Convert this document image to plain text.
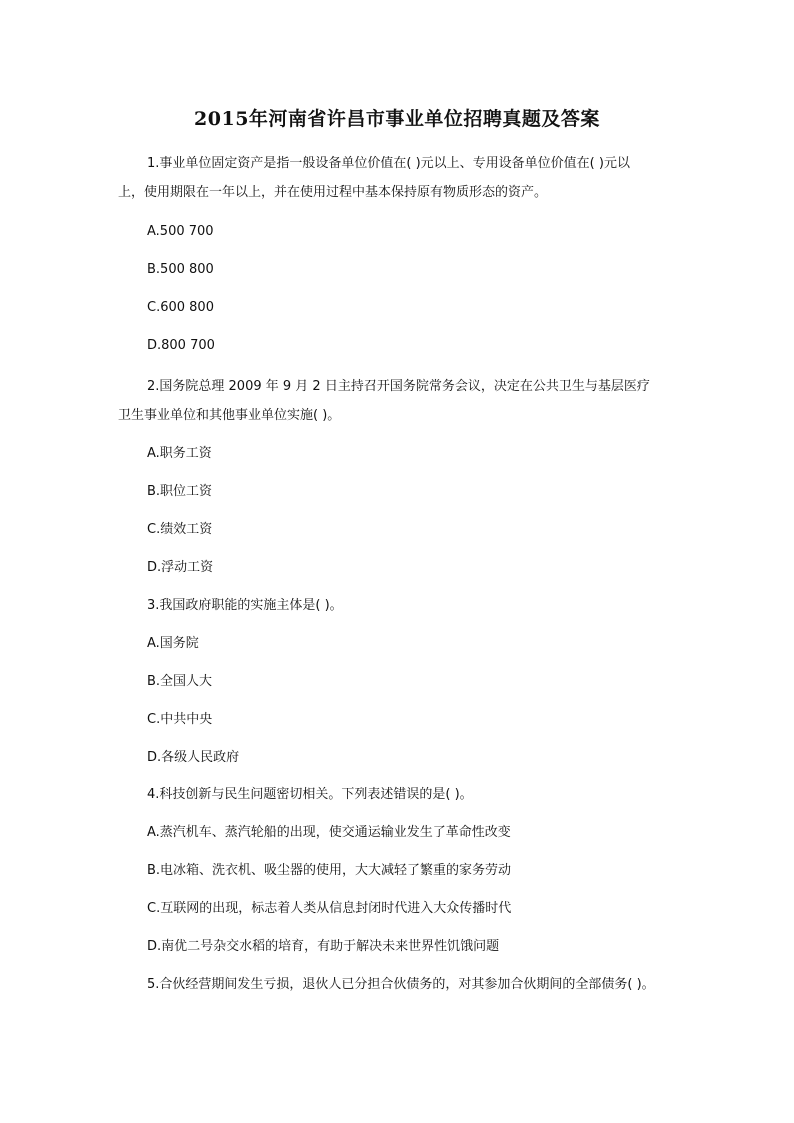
2015年河南省许昌市事业单位招聘真题及答案
1.事业单位固定资产是指一般设备单位价值在( )元以上、专用设备单位价值在( )元以
上，使用期限在一年以上，并在使用过程中基本保持原有物质形态的资产。
A.500 700
B.500 800
C.600 800
D.800 700
2.国务院总理 2009 年 9 月 2 日主持召开国务院常务会议，决定在公共卫生与基层医疗
卫生事业单位和其他事业单位实施( )。
A.职务工资
B.职位工资
C.绩效工资
D.浮动工资
3.我国政府职能的实施主体是( )。
A.国务院
B.全国人大
C.中共中央
D.各级人民政府
4.科技创新与民生问题密切相关。下列表述错误的是( )。
A.蒸汽机车、蒸汽轮船的出现，使交通运输业发生了革命性改变
B.电冰箱、洗衣机、吸尘器的使用，大大减轻了繁重的家务劳动
C.互联网的出现，标志着人类从信息封闭时代进入大众传播时代
D.南优二号杂交水稻的培育，有助于解决未来世界性饥饿问题
5.合伙经营期间发生亏损，退伙人已分担合伙债务的，对其参加合伙期间的全部债务( )。
